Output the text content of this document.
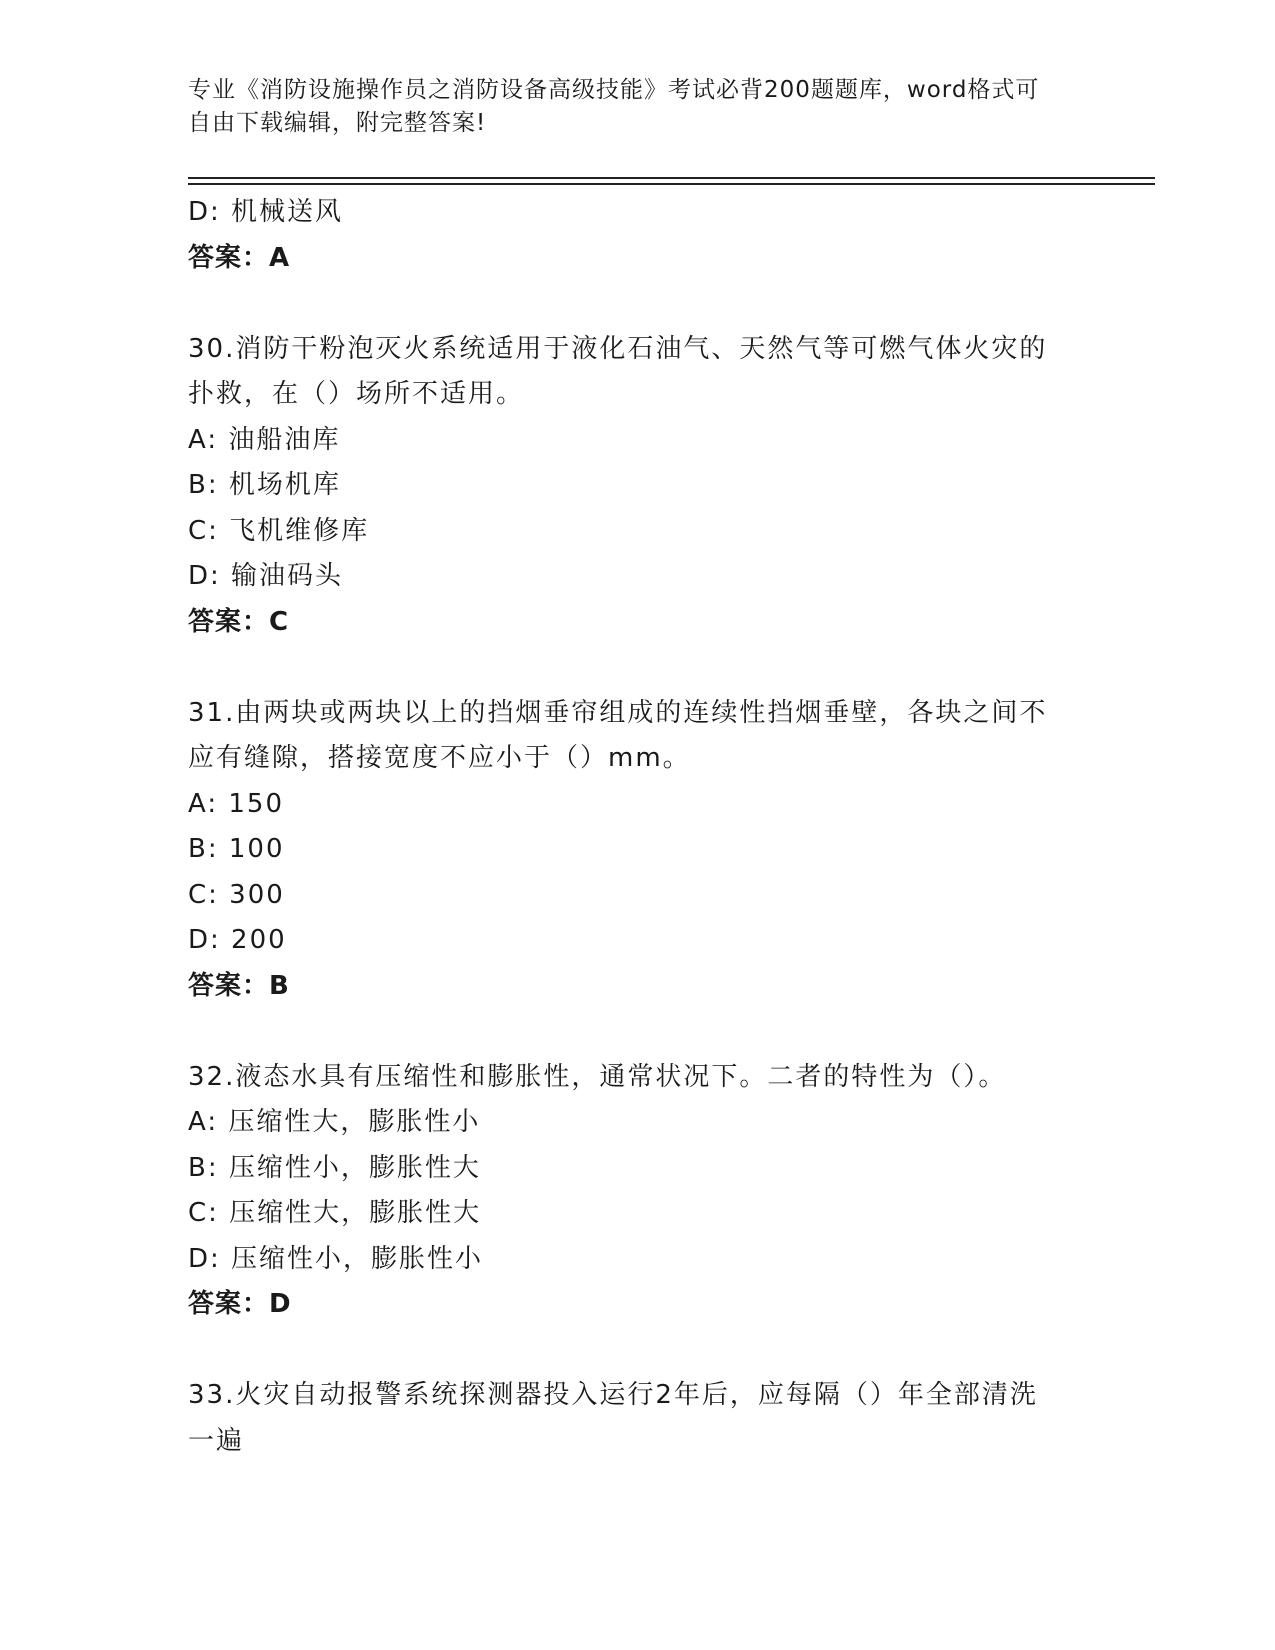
专业《消防设施操作员之消防设备高级技能》考试必背200题题库，word格式可
自由下载编辑，附完整答案!
D: 机械送风
答案：A
30.消防干粉泡灭火系统适用于液化石油气、天然气等可燃气体火灾的
扑救，在（）场所不适用。
A: 油船油库
B: 机场机库
C: 飞机维修库
D: 输油码头
答案：C
31.由两块或两块以上的挡烟垂帘组成的连续性挡烟垂壁，各块之间不
应有缝隙，搭接宽度不应小于（）mm。
A: 150
B: 100
C: 300
D: 200
答案：B
32.液态水具有压缩性和膨胀性，通常状况下。二者的特性为（）。
A: 压缩性大，膨胀性小
B: 压缩性小，膨胀性大
C: 压缩性大，膨胀性大
D: 压缩性小，膨胀性小
答案：D
33.火灾自动报警系统探测器投入运行2年后，应每隔（）年全部清洗
一遍
